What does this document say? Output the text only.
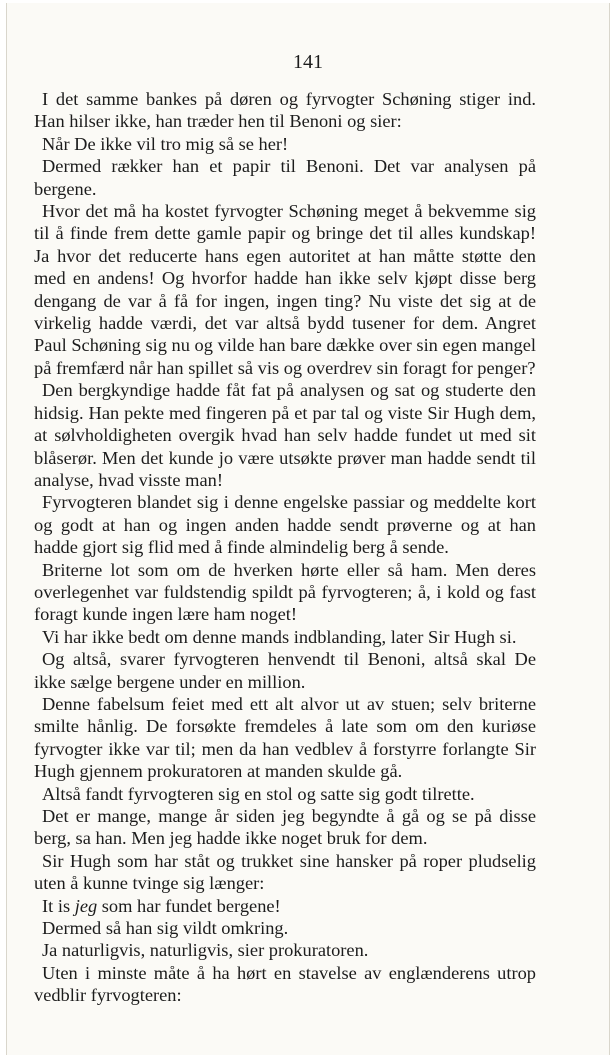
141

I det samme bankes på døren og fyrvogter Schøning stiger ind. Han hilser ikke, han træder hen til Benoni og sier:

Når De ikke vil tro mig så se her!

Dermed rækker han et papir til Benoni. Det var analysen på bergene.

Hvor det må ha kostet fyrvogter Schøning meget å bekvemme sig til å finde frem dette gamle papir og bringe det til alles kundskap! Ja hvor det reducerte hans egen autoritet at han måtte støtte den med en andens! Og hvorfor hadde han ikke selv kjøpt disse berg dengang de var å få for ingen, ingen ting? Nu viste det sig at de virkelig hadde værdi, det var altså bydd tusener for dem. Angret Paul Schøning sig nu og vilde han bare dække over sin egen mangel på fremfærd når han spillet så vis og overdrev sin foragt for penger?

Den bergkyndige hadde fåt fat på analysen og sat og studerte den hidsig. Han pekte med fingeren på et par tal og viste Sir Hugh dem, at sølvholdigheten overgik hvad han selv hadde fundet ut med sit blåserør. Men det kunde jo være utsøkte prøver man hadde sendt til analyse, hvad visste man!

Fyrvogteren blandet sig i denne engelske passiar og meddelte kort og godt at han og ingen anden hadde sendt prøverne og at han hadde gjort sig flid med å finde almindelig berg å sende.

Briterne lot som om de hverken hørte eller så ham. Men deres overlegenhet var fuldstendig spildt på fyrvogteren; å, i kold og fast foragt kunde ingen lære ham noget!

Vi har ikke bedt om denne mands indblanding, later Sir Hugh si.

Og altså, svarer fyrvogteren henvendt til Benoni, altså skal De ikke sælge bergene under en million.

Denne fabelsum feiet med ett alt alvor ut av stuen; selv briterne smilte hånlig. De forsøkte fremdeles å late som om den kuriøse fyrvogter ikke var til; men da han vedblev å forstyrre forlangte Sir Hugh gjennem prokuratoren at manden skulde gå.

Altså fandt fyrvogteren sig en stol og satte sig godt tilrette.

Det er mange, mange år siden jeg begyndte å gå og se på disse berg, sa han. Men jeg hadde ikke noget bruk for dem.

Sir Hugh som har ståt og trukket sine hansker på roper pludselig uten å kunne tvinge sig længer:

It is jeg som har fundet bergene!

Dermed så han sig vildt omkring.

Ja naturligvis, naturligvis, sier prokuratoren.

Uten i minste måte å ha hørt en stavelse av englænderens utrop vedblir fyrvogteren:
